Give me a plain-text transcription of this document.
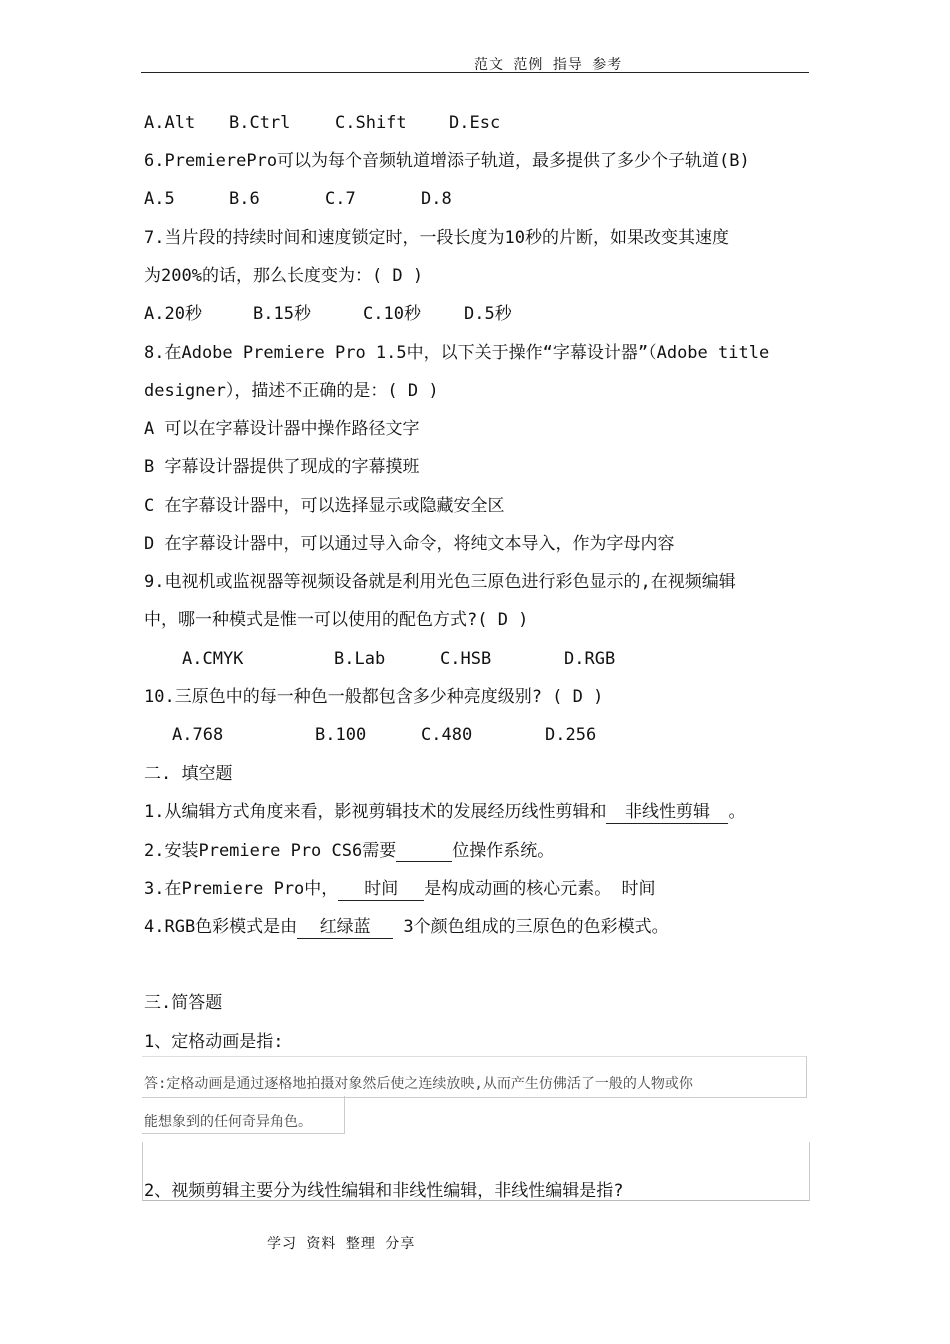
范文 范例 指导 参考
A.Alt B.Ctrl	C.Shift D.Esc
6.PremierePro可以为每个音频轨道增添子轨道，最多提供了多少个子轨道(B)
A.5	B.6	C.7	D.8
7.当片段的持续时间和速度锁定时，一段长度为10秒的片断，如果改变其速度
为200%的话，那么长度变为：( D )
A.20秒	B.15秒	C.10秒	D.5秒
8.在Adobe Premiere Pro 1.5中，以下关于操作“字幕设计器”（Adobe title
designer），描述不正确的是：( D )
A 可以在字幕设计器中操作路径文字
B 字幕设计器提供了现成的字幕摸班
C 在字幕设计器中，可以选择显示或隐藏安全区
D 在字幕设计器中，可以通过导入命令，将纯文本导入，作为字母内容
9.电视机或监视器等视频设备就是利用光色三原色进行彩色显示的,在视频编辑
中，哪一种模式是惟一可以使用的配色方式?( D )
A.CMYK	B.Lab	C.HSB	D.RGB
10.三原色中的每一种色一般都包含多少种亮度级别? ( D )
A.768	B.100	C.480	D.256
二. 填空题
1.从编辑方式角度来看，影视剪辑技术的发展经历线性剪辑和 非线性剪辑 。
2.安装Premiere Pro CS6需要	位操作系统。
3.在Premiere Pro中， 时间 是构成动画的核心元素。 时间
4.RGB色彩模式是由 红绿蓝 3个颜色组成的三原色的色彩模式。
三.简答题
1、定格动画是指:
答:定格动画是通过逐格地拍摄对象然后使之连续放映,从而产生仿佛活了一般的人物或你
能想象到的任何奇异角色。
2、视频剪辑主要分为线性编辑和非线性编辑，非线性编辑是指?
学习 资料 整理 分享
